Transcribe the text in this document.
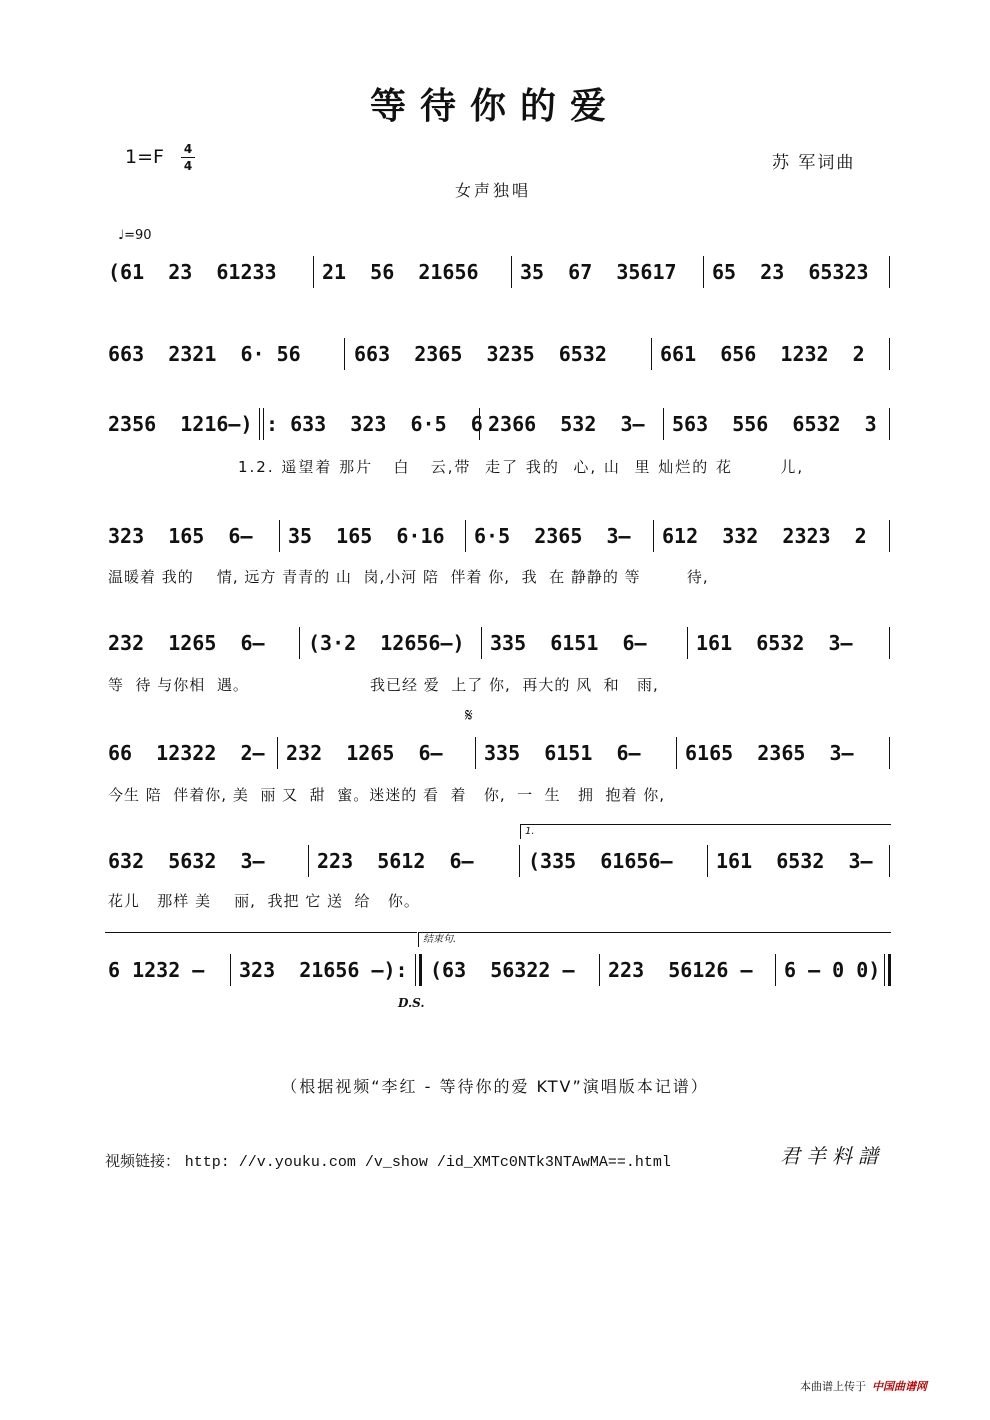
等待你的爱
1=F 4
4	苏 军词曲
女声独唱
♩=90

(61  23  61233

21  56  21656

35  67  35617

65  23  65323

663  2321  6· 56

	663  2365  3235  6532

	661  656  1232  2

2356  1216–)

: 633  323  6·5  6

2366  532  3–

563  556  6532  3

1.2. 遥望着 那片   白   云,带  走了 我的  心, 山  里 灿烂的 花       儿,

323  165  6–

35  165  6·16

6·5  2365  3–

612  332  2323  2

温暖着 我的    情, 远方 青青的 山  岗,小河 陪  伴着 你,  我  在 静静的 等        待,

232  1265  6–

(3·2  12656–)

335  6151  6–

161  6532  3–

等  待 与你相  遇。                     我已经 爱  上了 你,  再大的 风  和   雨,
𝄋

66  12322  2–

232  1265  6–

335  6151  6–

6165  2365  3–

今生 陪  伴着你, 美  丽 又  甜  蜜。迷迷的 看  着   你,  一  生   拥  抱着 你,
1.

632  5632  3–

	223  5612  6–

	(335  61656–

161  6532  3–

花儿   那样 美    丽,  我把 它 送  给   你。
结束句.

6 1232 –

323  21656 –):

(63  56322 –

223  56126 –

6 – 0 0)

D.S.
（根据视频“李红 - 等待你的爱 KTV”演唱版本记谱）
视频链接： http: //v.youku.com /v_show /id_XMTc0NTk3NTAwMA==.html	君羊料譜
本曲谱上传于 中国曲谱网
